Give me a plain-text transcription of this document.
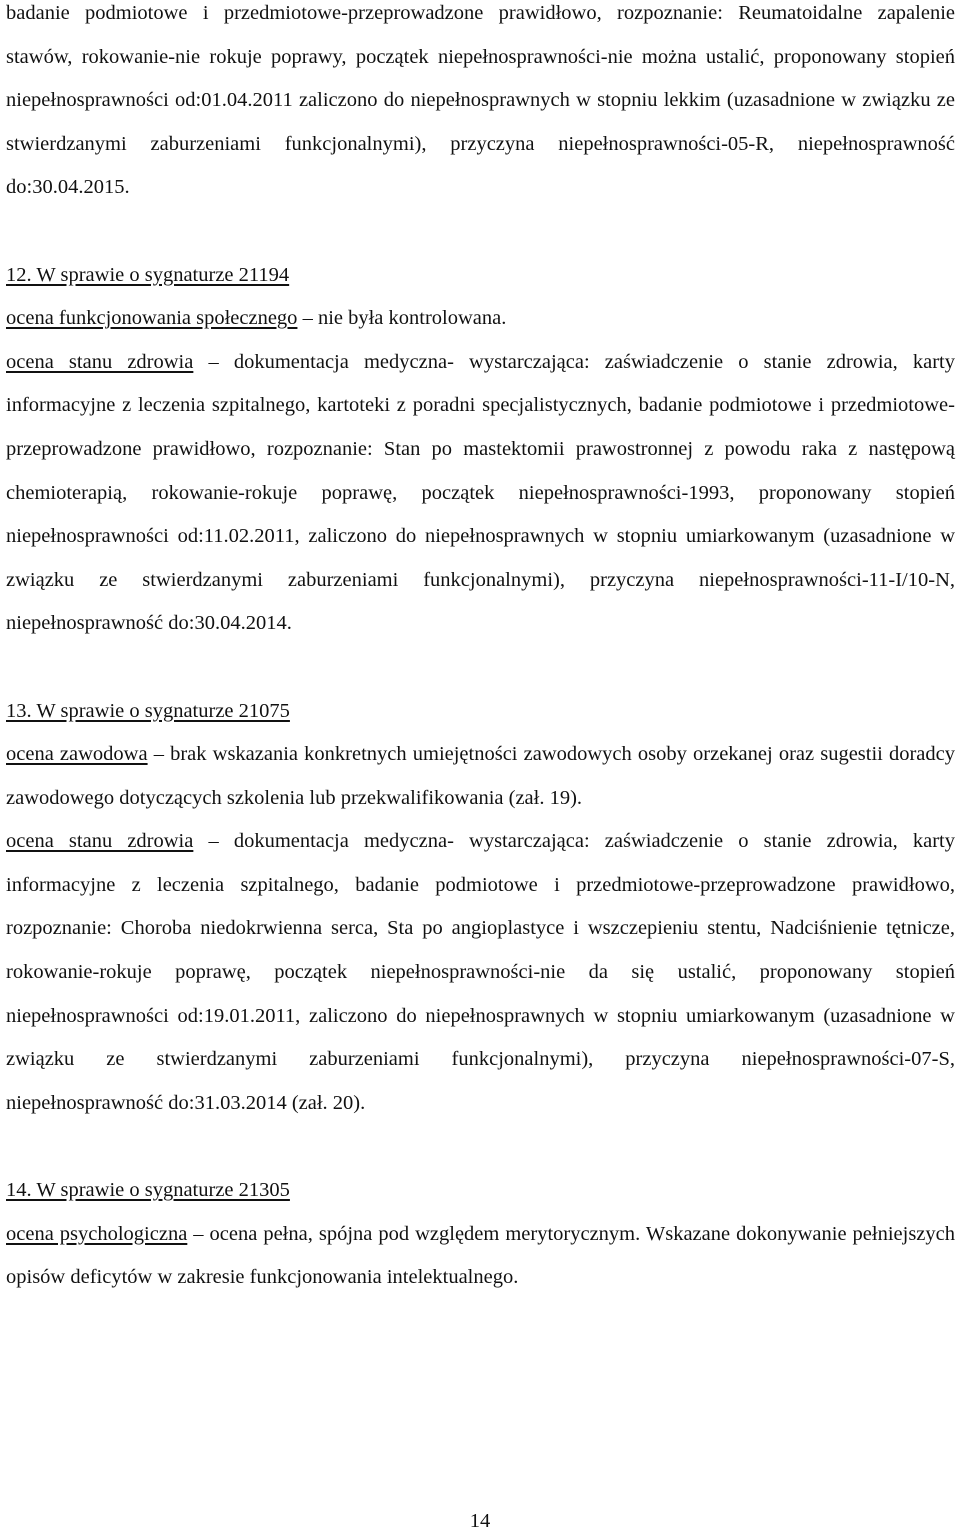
badanie podmiotowe i przedmiotowe-przeprowadzone prawidłowo, rozpoznanie: Reumatoidalne zapalenie stawów, rokowanie-nie rokuje poprawy, początek niepełnosprawności-nie można ustalić, proponowany stopień niepełnosprawności od:01.04.2011 zaliczono do niepełnosprawnych w stopniu lekkim (uzasadnione w związku ze stwierdzanymi zaburzeniami funkcjonalnymi), przyczyna niepełnosprawności-05-R, niepełnosprawność do:30.04.2015.

12. W sprawie o sygnaturze 21194

ocena funkcjonowania społecznego – nie była kontrolowana.

ocena stanu zdrowia – dokumentacja medyczna- wystarczająca: zaświadczenie o stanie zdrowia, karty informacyjne z leczenia szpitalnego, kartoteki z poradni specjalistycznych, badanie podmiotowe i przedmiotowe-przeprowadzone prawidłowo, rozpoznanie: Stan po mastektomii prawostronnej z powodu raka z następową chemioterapią, rokowanie-rokuje poprawę, początek niepełnosprawności-1993, proponowany stopień niepełnosprawności od:11.02.2011, zaliczono do niepełnosprawnych w stopniu umiarkowanym (uzasadnione w związku ze stwierdzanymi zaburzeniami funkcjonalnymi), przyczyna niepełnosprawności-11-I/10-N, niepełnosprawność do:30.04.2014.

13. W sprawie o sygnaturze 21075

ocena zawodowa – brak wskazania konkretnych umiejętności zawodowych osoby orzekanej oraz sugestii doradcy zawodowego dotyczących szkolenia lub przekwalifikowania (zał. 19).

ocena stanu zdrowia – dokumentacja medyczna- wystarczająca: zaświadczenie o stanie zdrowia, karty informacyjne z leczenia szpitalnego, badanie podmiotowe i przedmiotowe-przeprowadzone prawidłowo, rozpoznanie: Choroba niedokrwienna serca, Sta po angioplastyce i wszczepieniu stentu, Nadciśnienie tętnicze, rokowanie-rokuje poprawę, początek niepełnosprawności-nie da się ustalić, proponowany stopień niepełnosprawności od:19.01.2011, zaliczono do niepełnosprawnych w stopniu umiarkowanym (uzasadnione w związku ze stwierdzanymi zaburzeniami funkcjonalnymi), przyczyna niepełnosprawności-07-S, niepełnosprawność do:31.03.2014 (zał. 20).

14. W sprawie o sygnaturze 21305

ocena psychologiczna – ocena pełna, spójna pod względem merytorycznym. Wskazane dokonywanie pełniejszych opisów deficytów w zakresie funkcjonowania intelektualnego.

14
